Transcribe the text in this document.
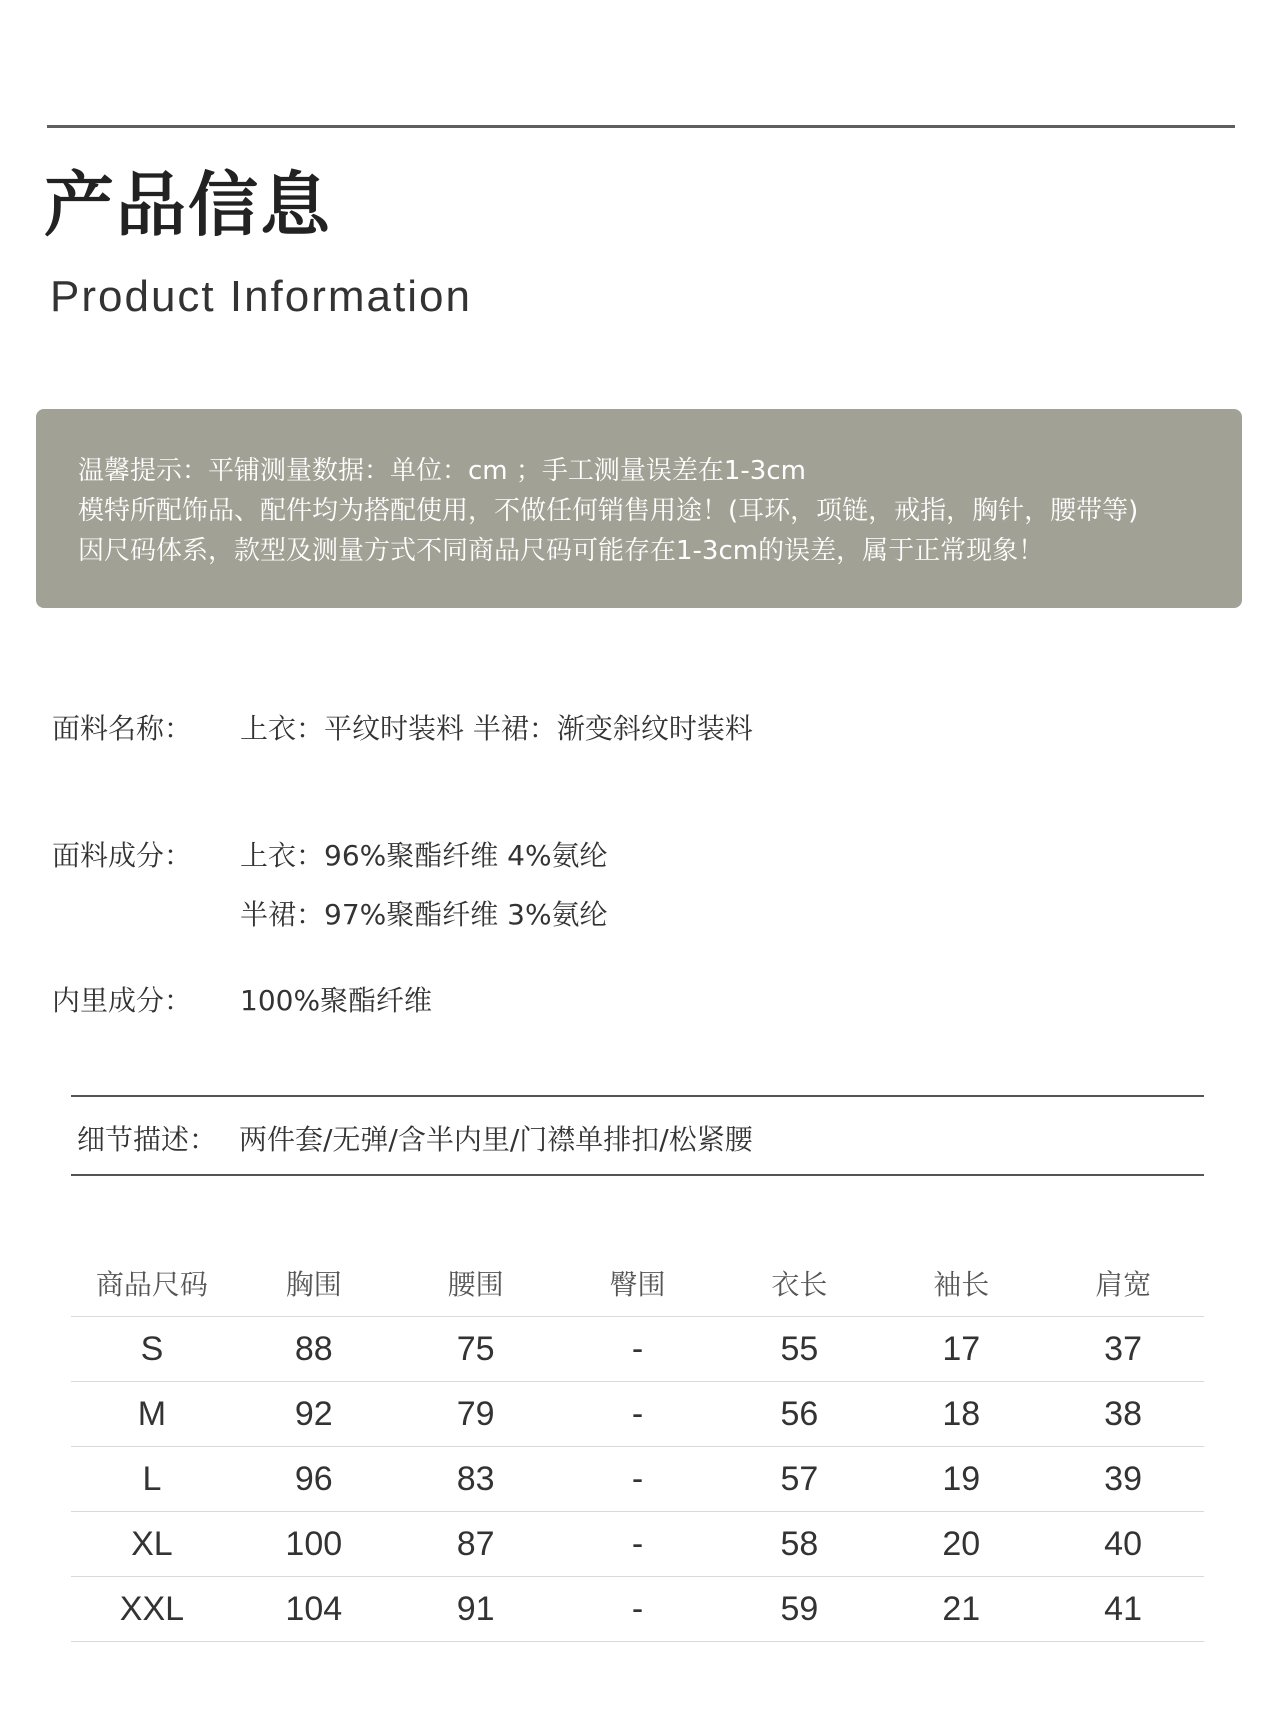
产品信息
Product Information
温馨提示：平铺测量数据：单位：cm ；手工测量误差在1-3cm
模特所配饰品、配件均为搭配使用，不做任何销售用途！(耳环，项链，戒指，胸针，腰带等)
因尺码体系，款型及测量方式不同商品尺码可能存在1-3cm的误差，属于正常现象！
面料名称： 上衣：平纹时装料 半裙：渐变斜纹时装料
面料成分： 上衣：96%聚酯纤维 4%氨纶
半裙：97%聚酯纤维 3%氨纶
内里成分： 100%聚酯纤维
细节描述： 两件套/无弹/含半内里/门襟单排扣/松紧腰
商品尺码	胸围	腰围	臀围	衣长	袖长	肩宽
S	88	75	-	55	17	37
M	92	79	-	56	18	38
L	96	83	-	57	19	39
XL	100	87	-	58	20	40
XXL	104	91	-	59	21	41
